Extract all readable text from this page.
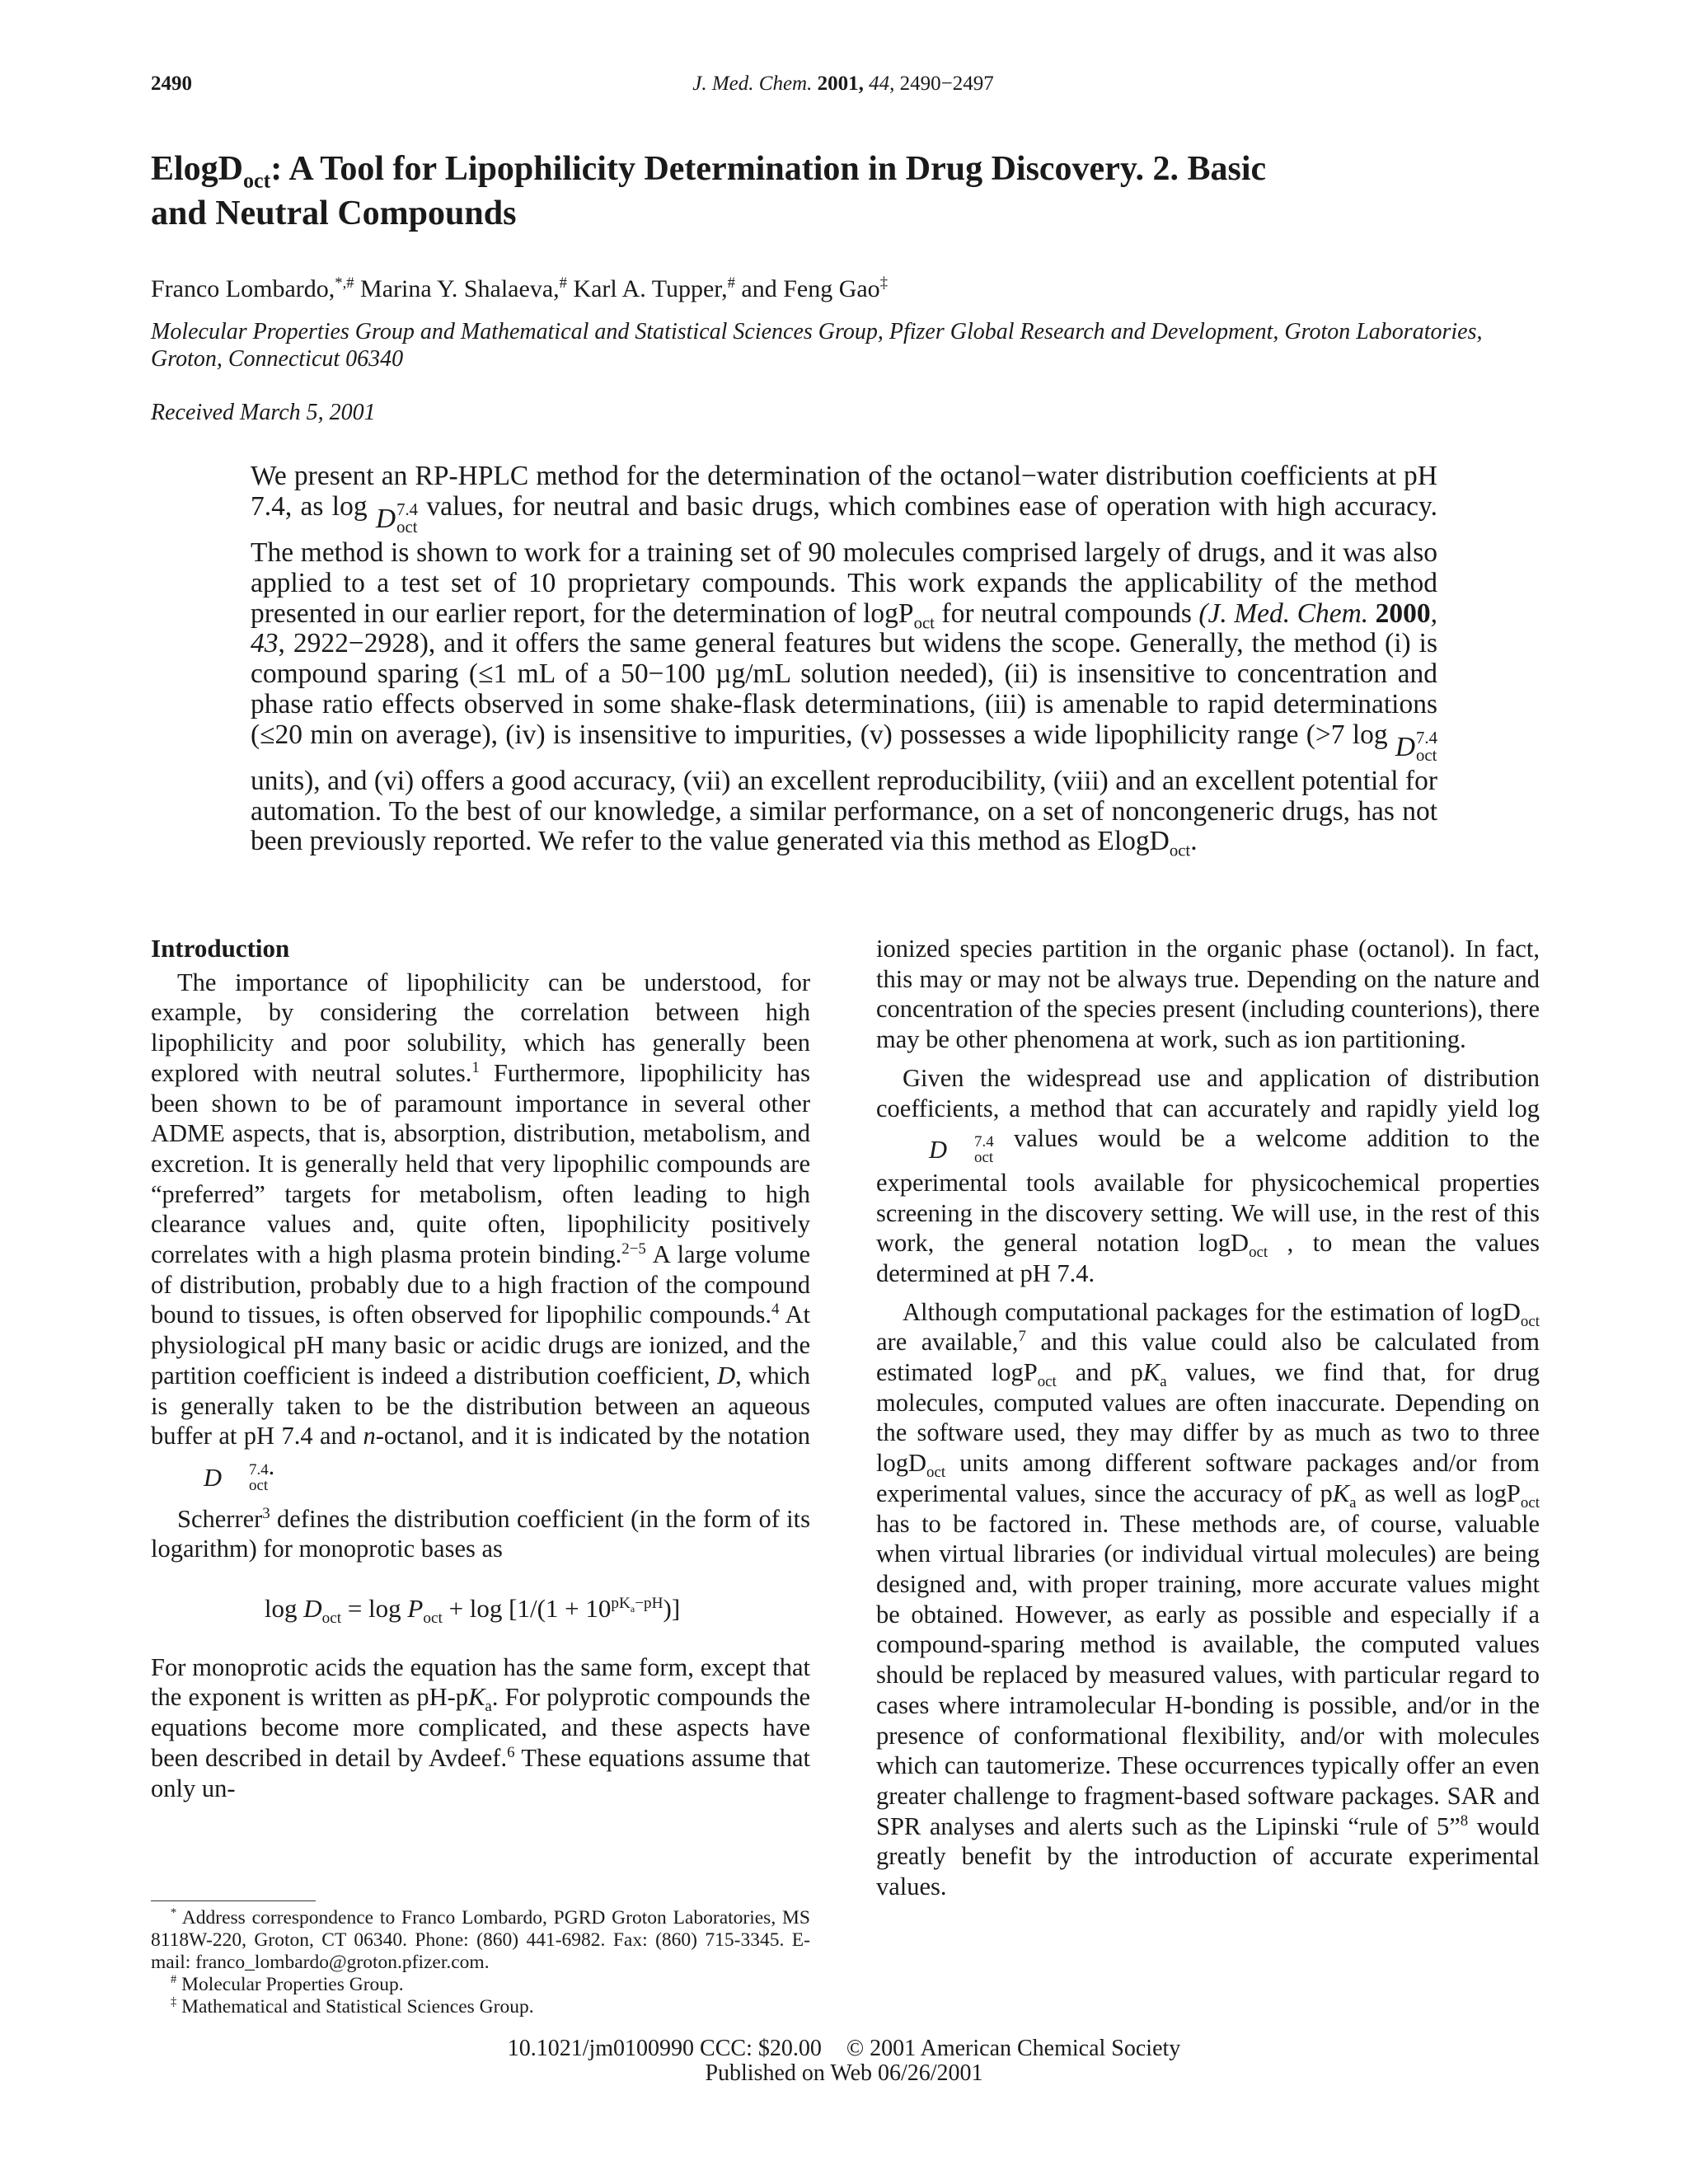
2490	J. Med. Chem. 2001, 44, 2490−2497
ElogD$_{oct}$: A Tool for Lipophilicity Determination in Drug Discovery. 2. Basic
and Neutral Compounds
Franco Lombardo,*,# Marina Y. Shalaeva,# Karl A. Tupper,# and Feng Gao‡
Molecular Properties Group and Mathematical and Statistical Sciences Group, Pfizer Global Research and Development, Groton Laboratories, Groton, Connecticut 06340
Received March 5, 2001
We present an RP-HPLC method for the determination of the octanol−water distribution coefficients at pH 7.4, as log D 7.4
oct
values, for neutral and basic drugs, which combines ease of operation with high accuracy. The method is shown to work for a training set of 90 molecules comprised largely of drugs, and it was also applied to a test set of 10 proprietary compounds. This work expands the applicability of the method presented in our earlier report, for the determination of logP$_{oct}$ for neutral compounds (J. Med. Chem. 2000, 43, 2922−2928), and it offers the same general features but widens the scope. Generally, the method (i) is compound sparing (≤1 mL of a 50−100 µg/mL solution needed), (ii) is insensitive to concentration and phase ratio effects observed in some shake-flask determinations, (iii) is amenable to rapid determinations (≤20 min on average), (iv) is insensitive to impurities, (v) possesses a wide lipophilicity range (>7 log D 7.4
oct
units), and (vi) offers a good accuracy, (vii) an excellent reproducibility, (viii) and an excellent potential for automation. To the best of our knowledge, a similar performance, on a set of noncongeneric drugs, has not been previously reported. We refer to the value generated via this method as ElogD$_{oct}$.
Introduction

The importance of lipophilicity can be understood, for example, by considering the correlation between high lipophilicity and poor solubility, which has generally been explored with neutral solutes.$^1$ Furthermore, lipophilicity has been shown to be of paramount importance in several other ADME aspects, that is, absorption, distribution, metabolism, and excretion. It is generally held that very lipophilic compounds are “preferred” targets for metabolism, often leading to high clearance values and, quite often, lipophilicity positively correlates with a high plasma protein binding.$^{2-5}$ A large volume of distribution, probably due to a high fraction of the compound bound to tissues, is often observed for lipophilic compounds.$^4$ At physiological pH many basic or acidic drugs are ionized, and the partition coefficient is indeed a distribution coefficient, D, which is generally taken to be the distribution between an aqueous buffer at pH 7.4 and n-octanol, and it is indicated by the notation D	7.4
oct
.

Scherrer$^3$ defines the distribution coefficient (in the form of its logarithm) for monoprotic bases as

$\log D_{oct} = \log P_{oct} + \log [1/(1 + 10^{pK_a-pH})]$

For monoprotic acids the equation has the same form, except that the exponent is written as $pH-pK_a$. For polyprotic compounds the equations become more complicated, and these aspects have been described in detail by Avdeef.$^6$ These equations assume that only un-

ionized species partition in the organic phase (octanol). In fact, this may or may not be always true. Depending on the nature and concentration of the species present (including counterions), there may be other phenomena at work, such as ion partitioning.

Given the widespread use and application of distribution coefficients, a method that can accurately and rapidly yield log D	7.4
oct
values would be a welcome addition to the experimental tools available for physicochemical properties screening in the discovery setting. We will use, in the rest of this work, the general notation logD$_{oct}$ , to mean the values determined at pH 7.4.

Although computational packages for the estimation of logD$_{oct}$ are available,$^7$ and this value could also be calculated from estimated logP$_{oct}$ and $pK_a$ values, we find that, for drug molecules, computed values are often inaccurate. Depending on the software used, they may differ by as much as two to three logD$_{oct}$ units among different software packages and/or from experimental values, since the accuracy of $pK_a$ as well as logP$_{oct}$ has to be factored in. These methods are, of course, valuable when virtual libraries (or individual virtual molecules) are being designed and, with proper training, more accurate values might be obtained. However, as early as possible and especially if a compound-sparing method is available, the computed values should be replaced by measured values, with particular regard to cases where intramolecular H-bonding is possible, and/or in the presence of conformational flexibility, and/or with molecules which can tautomerize. These occurrences typically offer an even greater challenge to fragment-based software packages. SAR and SPR analyses and alerts such as the Lipinski “rule of 5”$^8$ would greatly benefit by the introduction of accurate experimental values.

* Address correspondence to Franco Lombardo, PGRD Groton Laboratories, MS 8118W-220, Groton, CT 06340. Phone: (860) 441-6982. Fax: (860) 715-3345. E-mail: franco_lombardo@groton.pfizer.com.

# Molecular Properties Group.

‡ Mathematical and Statistical Sciences Group.

10.1021/jm0100990 CCC: $20.00 © 2001 American Chemical Society
Published on Web 06/26/2001
